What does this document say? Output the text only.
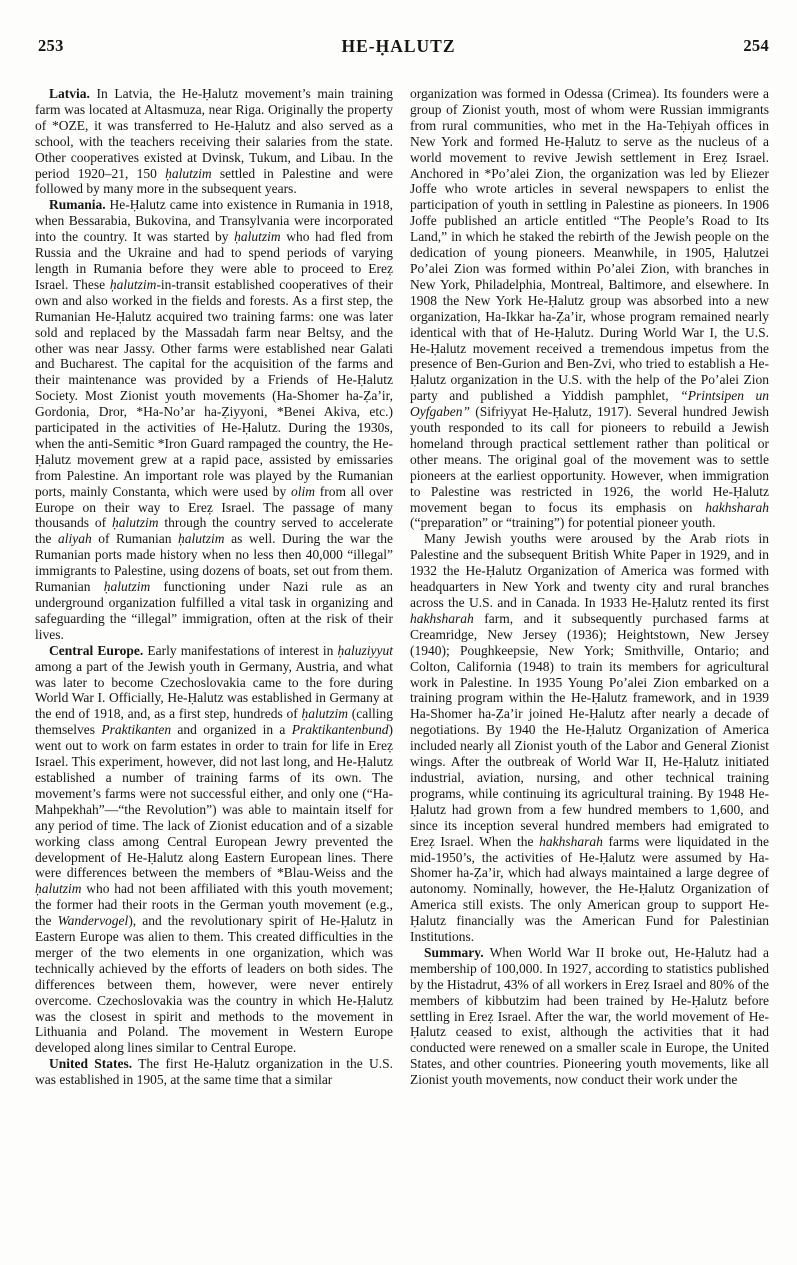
253	HE-ḤALUTZ	254

Latvia. In Latvia, the He-Ḥalutz movement’s main training farm was located at Altasmuza, near Riga. Originally the property of *OZE, it was transferred to He-Ḥalutz and also served as a school, with the teachers receiving their salaries from the state. Other cooperatives existed at Dvinsk, Tukum, and Libau. In the period 1920–21, 150 ḥalutzim settled in Palestine and were followed by many more in the subsequent years.

Rumania. He-Ḥalutz came into existence in Rumania in 1918, when Bessarabia, Bukovina, and Transylvania were incorporated into the country. It was started by ḥalutzim who had fled from Russia and the Ukraine and had to spend periods of varying length in Rumania before they were able to proceed to Ereẓ Israel. These ḥalutzim-in-transit established cooperatives of their own and also worked in the fields and forests. As a first step, the Rumanian He-Ḥalutz acquired two training farms: one was later sold and replaced by the Massadah farm near Beltsy, and the other was near Jassy. Other farms were established near Galati and Bucharest. The capital for the acquisition of the farms and their maintenance was provided by a Friends of He-Ḥalutz Society. Most Zionist youth movements (Ha-Shomer ha-Ẓa’ir, Gordonia, Dror, *Ha-No’ar ha-Ẓiyyoni, *Benei Akiva, etc.) participated in the activities of He-Ḥalutz. During the 1930s, when the anti-Semitic *Iron Guard rampaged the country, the He-Ḥalutz movement grew at a rapid pace, assisted by emissaries from Palestine. An important role was played by the Rumanian ports, mainly Constanta, which were used by olim from all over Europe on their way to Ereẓ Israel. The passage of many thousands of ḥalutzim through the country served to accelerate the aliyah of Rumanian ḥalutzim as well. During the war the Rumanian ports made history when no less then 40,000 “illegal” immigrants to Palestine, using dozens of boats, set out from them. Rumanian ḥalutzim functioning under Nazi rule as an underground organization fulfilled a vital task in organizing and safeguarding the “illegal” immigration, often at the risk of their lives.

Central Europe. Early manifestations of interest in ḥaluziyyut among a part of the Jewish youth in Germany, Austria, and what was later to become Czechoslovakia came to the fore during World War I. Officially, He-Ḥalutz was established in Germany at the end of 1918, and, as a first step, hundreds of ḥalutzim (calling themselves Praktikanten and organized in a Praktikantenbund) went out to work on farm estates in order to train for life in Ereẓ Israel. This experiment, however, did not last long, and He-Ḥalutz established a number of training farms of its own. The movement’s farms were not successful either, and only one (“Ha-Mahpekhah”—“the Revolution”) was able to maintain itself for any period of time. The lack of Zionist education and of a sizable working class among Central European Jewry prevented the development of He-Ḥalutz along Eastern European lines. There were differences between the members of *Blau-Weiss and the ḥalutzim who had not been affiliated with this youth movement; the former had their roots in the German youth movement (e.g., the Wandervogel), and the revolutionary spirit of He-Ḥalutz in Eastern Europe was alien to them. This created difficulties in the merger of the two elements in one organization, which was technically achieved by the efforts of leaders on both sides. The differences between them, however, were never entirely overcome. Czechoslovakia was the country in which He-Ḥalutz was the closest in spirit and methods to the movement in Lithuania and Poland. The movement in Western Europe developed along lines similar to Central Europe.

United States. The first He-Ḥalutz organization in the U.S. was established in 1905, at the same time that a similar

organization was formed in Odessa (Crimea). Its founders were a group of Zionist youth, most of whom were Russian immigrants from rural communities, who met in the Ha-Teḥiyah offices in New York and formed He-Ḥalutz to serve as the nucleus of a world movement to revive Jewish settlement in Ereẓ Israel. Anchored in *Po’alei Zion, the organization was led by Eliezer Joffe who wrote articles in several newspapers to enlist the participation of youth in settling in Palestine as pioneers. In 1906 Joffe published an article entitled “The People’s Road to Its Land,” in which he staked the rebirth of the Jewish people on the dedication of young pioneers. Meanwhile, in 1905, Ḥalutzei Po’alei Zion was formed within Po’alei Zion, with branches in New York, Philadelphia, Montreal, Baltimore, and elsewhere. In 1908 the New York He-Ḥalutz group was absorbed into a new organization, Ha-Ikkar ha-Ẓa’ir, whose program remained nearly identical with that of He-Ḥalutz. During World War I, the U.S. He-Ḥalutz movement received a tremendous impetus from the presence of Ben-Gurion and Ben-Zvi, who tried to establish a He-Ḥalutz organization in the U.S. with the help of the Po’alei Zion party and published a Yiddish pamphlet, “Printsipen un Oyfgaben” (Sifriyyat He-Ḥalutz, 1917). Several hundred Jewish youth responded to its call for pioneers to rebuild a Jewish homeland through practical settlement rather than political or other means. The original goal of the movement was to settle pioneers at the earliest opportunity. However, when immigration to Palestine was restricted in 1926, the world He-Ḥalutz movement began to focus its emphasis on hakhsharah (“preparation” or “training”) for potential pioneer youth.

Many Jewish youths were aroused by the Arab riots in Palestine and the subsequent British White Paper in 1929, and in 1932 the He-Ḥalutz Organization of America was formed with headquarters in New York and twenty city and rural branches across the U.S. and in Canada. In 1933 He-Ḥalutz rented its first hakhsharah farm, and it subsequently purchased farms at Creamridge, New Jersey (1936); Heightstown, New Jersey (1940); Poughkeepsie, New York; Smithville, Ontario; and Colton, California (1948) to train its members for agricultural work in Palestine. In 1935 Young Po’alei Zion embarked on a training program within the He-Ḥalutz framework, and in 1939 Ha-Shomer ha-Ẓa’ir joined He-Ḥalutz after nearly a decade of negotiations. By 1940 the He-Ḥalutz Organization of America included nearly all Zionist youth of the Labor and General Zionist wings. After the outbreak of World War II, He-Ḥalutz initiated industrial, aviation, nursing, and other technical training programs, while continuing its agricultural training. By 1948 He-Ḥalutz had grown from a few hundred members to 1,600, and since its inception several hundred members had emigrated to Ereẓ Israel. When the hakhsharah farms were liquidated in the mid-1950’s, the activities of He-Ḥalutz were assumed by Ha-Shomer ha-Ẓa’ir, which had always maintained a large degree of autonomy. Nominally, however, the He-Ḥalutz Organization of America still exists. The only American group to support He-Ḥalutz financially was the American Fund for Palestinian Institutions.

Summary. When World War II broke out, He-Ḥalutz had a membership of 100,000. In 1927, according to statistics published by the Histadrut, 43% of all workers in Ereẓ Israel and 80% of the members of kibbutzim had been trained by He-Ḥalutz before settling in Ereẓ Israel. After the war, the world movement of He-Ḥalutz ceased to exist, although the activities that it had conducted were renewed on a smaller scale in Europe, the United States, and other countries. Pioneering youth movements, like all Zionist youth movements, now conduct their work under the
